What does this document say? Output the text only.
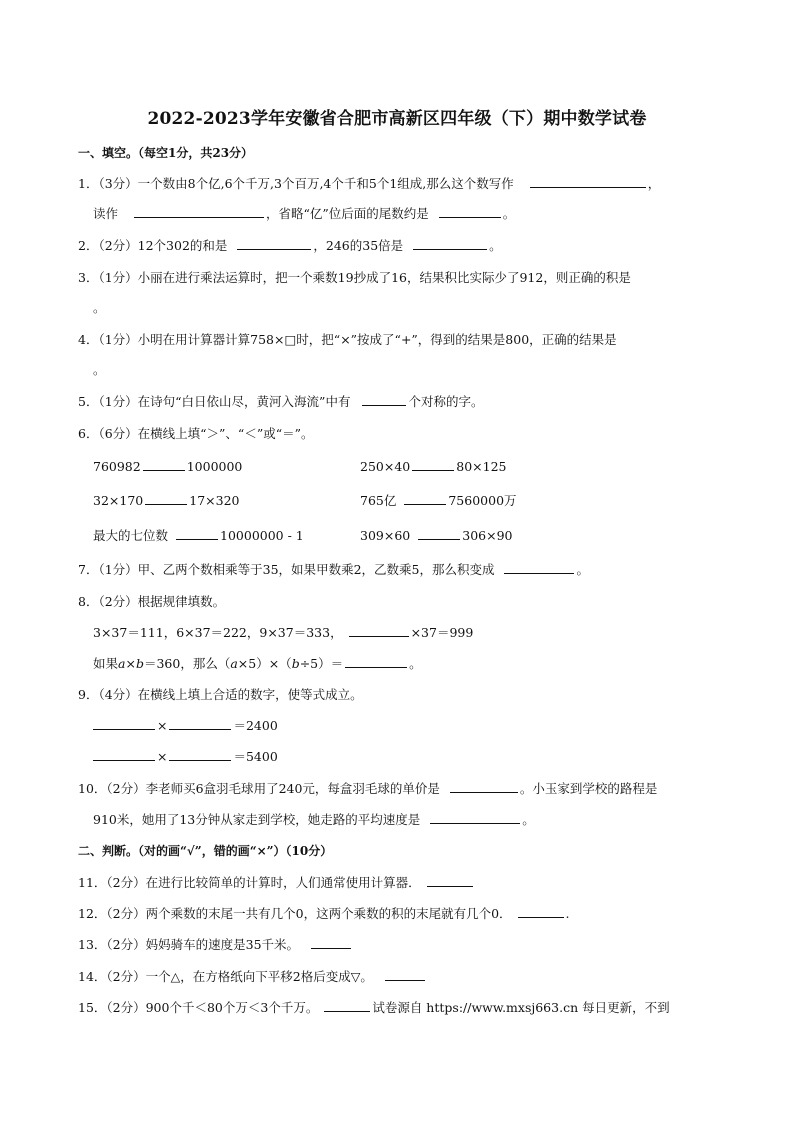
2022-2023学年安徽省合肥市高新区四年级（下）期中数学试卷
一、填空。（每空1分，共23分）
1．（3分）一个数由8个亿,6个千万,3个百万,4个千和5个1组成,那么这个数写作	，
读作	，省略“亿”位后面的尾数约是	。
2．（2分）12个302的和是	，246的35倍是	。
3．（1分）小丽在进行乘法运算时，把一个乘数19抄成了16，结果积比实际少了912，则正确的积是
。
4．（1分）小明在用计算器计算758×□时，把“×”按成了“+”，得到的结果是800，正确的结果是
。
5．（1分）在诗句“白日依山尽，黄河入海流”中有	个对称的字。
6．（6分）在横线上填“＞”、“＜”或“＝”。
760982	1000000	250×40	80×125
32×170	17×320	765亿	7560000万
最大的七位数	10000000 - 1	309×60	306×90
7．（1分）甲、乙两个数相乘等于35，如果甲数乘2，乙数乘5，那么积变成	。
8．（2分）根据规律填数。
3×37＝111，6×37＝222，9×37＝333，	×37＝999
如果a×b＝360，那么（a×5）×（b÷5）＝	。
9．（4分）在横线上填上合适的数字，使等式成立。
×	＝2400
×	＝5400
10．（2分）李老师买6盒羽毛球用了240元，每盒羽毛球的单价是	。小玉家到学校的路程是
910米，她用了13分钟从家走到学校，她走路的平均速度是	。
二、判断。（对的画“√”，错的画“×”）（10分）
11．（2分）在进行比较简单的计算时，人们通常使用计算器．
12．（2分）两个乘数的末尾一共有几个0，这两个乘数的积的末尾就有几个0．	.
13．（2分）妈妈骑车的速度是35千米。
14．（2分）一个△，在方格纸向下平移2格后变成▽。
15．（2分）900个千＜80个万＜3个千万。	试卷源自 https://www.mxsj663.cn 每日更新，不到
